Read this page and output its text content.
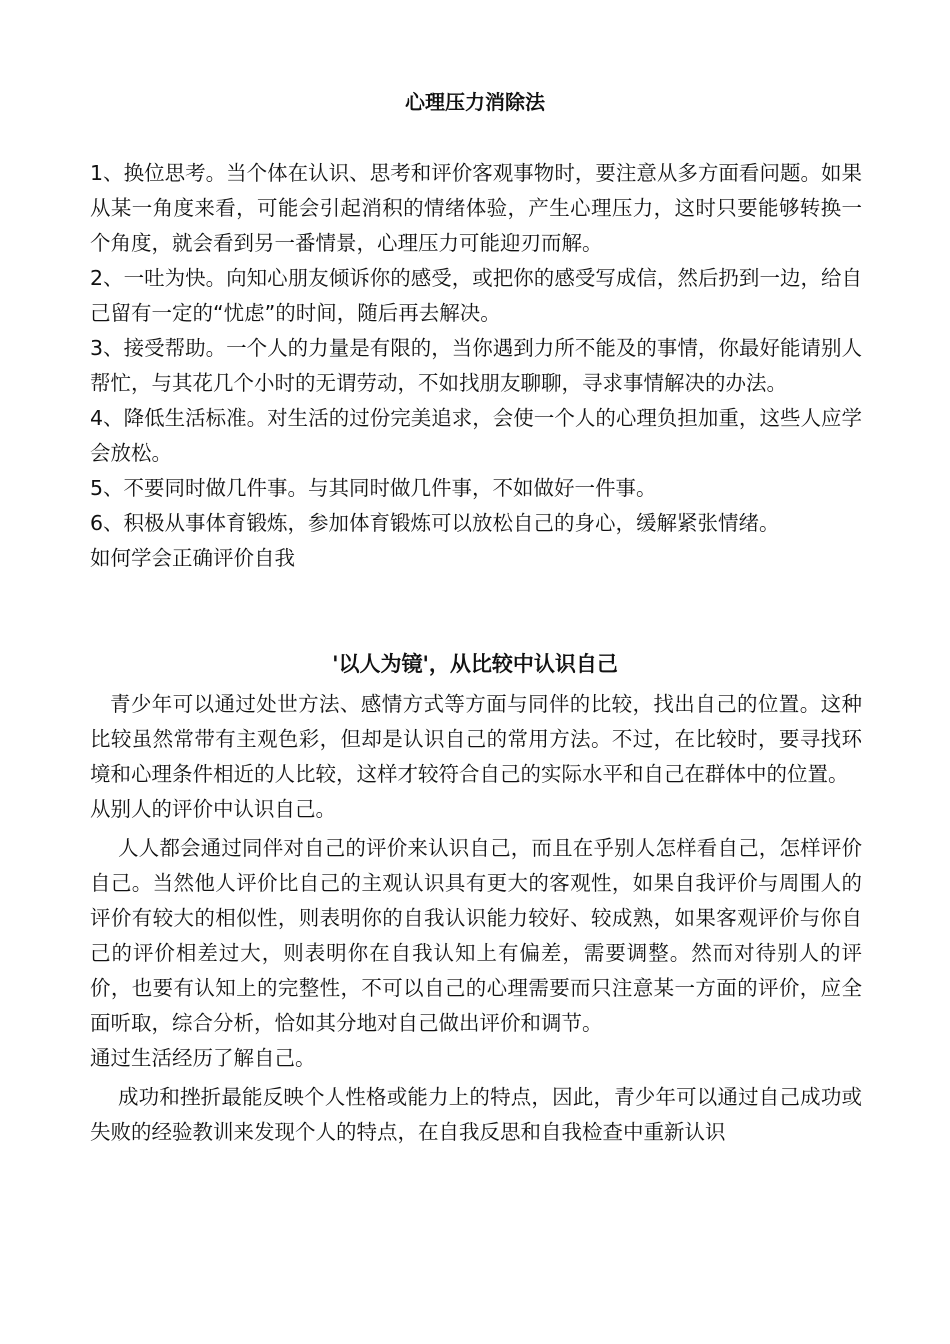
心理压力消除法

1、换位思考。当个体在认识、思考和评价客观事物时，要注意从多方面看问题。如果从某一角度来看，可能会引起消积的情绪体验，产生心理压力，这时只要能够转换一个角度，就会看到另一番情景，心理压力可能迎刃而解。

2、一吐为快。向知心朋友倾诉你的感受，或把你的感受写成信，然后扔到一边，给自己留有一定的“忧虑”的时间，随后再去解决。

3、接受帮助。一个人的力量是有限的，当你遇到力所不能及的事情，你最好能请别人帮忙，与其花几个小时的无谓劳动，不如找朋友聊聊，寻求事情解决的办法。

4、降低生活标准。对生活的过份完美追求，会使一个人的心理负担加重，这些人应学会放松。

5、不要同时做几件事。与其同时做几件事，不如做好一件事。

6、积极从事体育锻炼，参加体育锻炼可以放松自己的身心，缓解紧张情绪。

如何学会正确评价自我

'以人为镜'，从比较中认识自己

青少年可以通过处世方法、感情方式等方面与同伴的比较，找出自己的位置。这种比较虽然常带有主观色彩，但却是认识自己的常用方法。不过，在比较时，要寻找环境和心理条件相近的人比较，这样才较符合自己的实际水平和自己在群体中的位置。

从别人的评价中认识自己。

人人都会通过同伴对自己的评价来认识自己，而且在乎别人怎样看自己，怎样评价自己。当然他人评价比自己的主观认识具有更大的客观性，如果自我评价与周围人的评价有较大的相似性，则表明你的自我认识能力较好、较成熟，如果客观评价与你自己的评价相差过大，则表明你在自我认知上有偏差，需要调整。然而对待别人的评价，也要有认知上的完整性，不可以自己的心理需要而只注意某一方面的评价，应全面听取，综合分析，恰如其分地对自己做出评价和调节。

通过生活经历了解自己。

成功和挫折最能反映个人性格或能力上的特点，因此，青少年可以通过自己成功或失败的经验教训来发现个人的特点，在自我反思和自我检查中重新认识
